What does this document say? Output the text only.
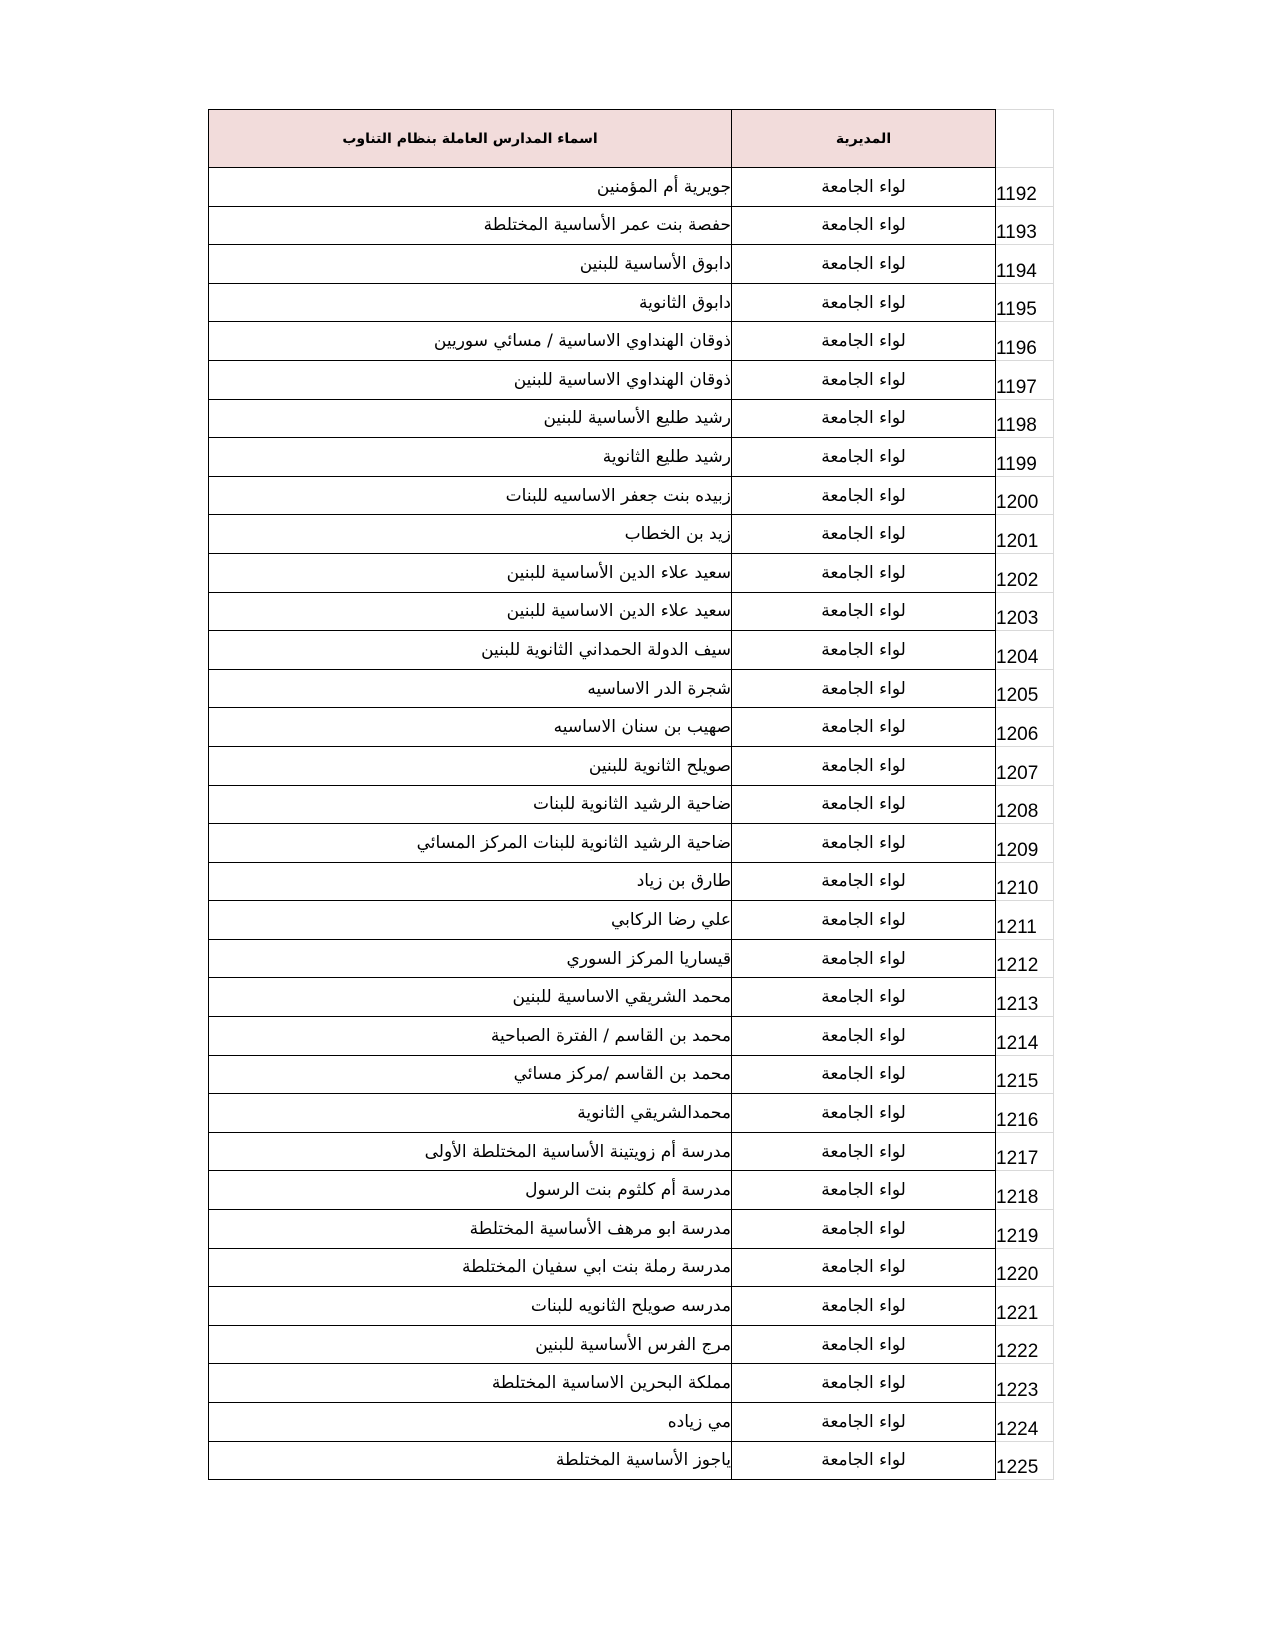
اسماء المدارس العاملة بنظام التناوب	المديرية	
جويرية أم المؤمنين	لواء الجامعة	1192
حفصة بنت عمر الأساسية المختلطة	لواء الجامعة	1193
دابوق الأساسية للبنين	لواء الجامعة	1194
دابوق الثانوية	لواء الجامعة	1195
ذوقان الهنداوي الاساسية / مسائي سوريين	لواء الجامعة	1196
ذوقان الهنداوي الاساسية للبنين	لواء الجامعة	1197
رشيد طليع الأساسية للبنين	لواء الجامعة	1198
رشيد طليع الثانوية	لواء الجامعة	1199
زبيده بنت جعفر الاساسيه للبنات	لواء الجامعة	1200
زيد بن الخطاب	لواء الجامعة	1201
سعيد علاء الدين الأساسية للبنين	لواء الجامعة	1202
سعيد علاء الدين الاساسية للبنين	لواء الجامعة	1203
سيف الدولة الحمداني الثانوية للبنين	لواء الجامعة	1204
شجرة الدر الاساسيه	لواء الجامعة	1205
صهيب بن سنان الاساسيه	لواء الجامعة	1206
صويلح الثانوية للبنين	لواء الجامعة	1207
ضاحية الرشيد الثانوية للبنات	لواء الجامعة	1208
ضاحية الرشيد الثانوية للبنات المركز المسائي	لواء الجامعة	1209
طارق بن زياد	لواء الجامعة	1210
علي رضا الركابي	لواء الجامعة	1211
قيساريا المركز السوري	لواء الجامعة	1212
محمد الشريقي الاساسية للبنين	لواء الجامعة	1213
محمد بن القاسم / الفترة الصباحية	لواء الجامعة	1214
محمد بن القاسم /مركز مسائي	لواء الجامعة	1215
محمدالشريقي الثانوية	لواء الجامعة	1216
مدرسة أم زويتينة الأساسية المختلطة الأولى	لواء الجامعة	1217
مدرسة أم كلثوم بنت الرسول	لواء الجامعة	1218
مدرسة ابو مرهف الأساسية المختلطة	لواء الجامعة	1219
مدرسة رملة بنت ابي سفيان المختلطة	لواء الجامعة	1220
مدرسه صويلح الثانويه للبنات	لواء الجامعة	1221
مرج الفرس الأساسية للبنين	لواء الجامعة	1222
مملكة البحرين الاساسية المختلطة	لواء الجامعة	1223
مي زياده	لواء الجامعة	1224
ياجوز الأساسية المختلطة	لواء الجامعة	1225
